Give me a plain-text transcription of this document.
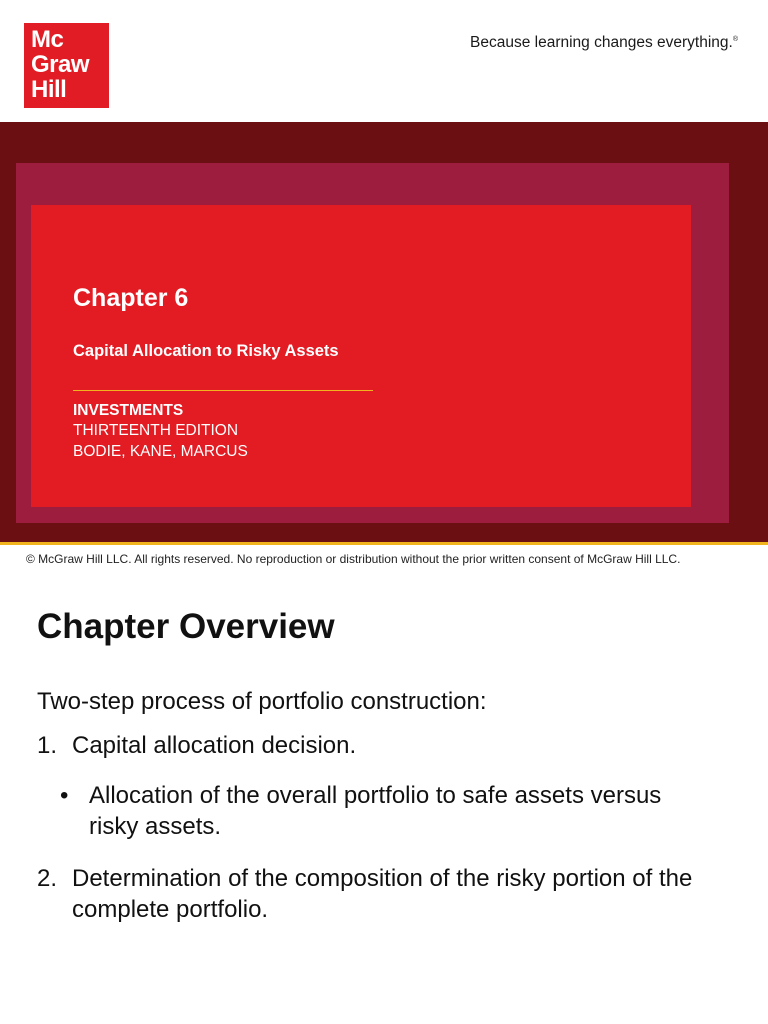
Mc
Graw
Hill
Because learning changes everything.®
Chapter 6
Capital Allocation to Risky Assets
INVESTMENTS
THIRTEENTH EDITION
BODIE, KANE, MARCUS
© McGraw Hill LLC. All rights reserved. No reproduction or distribution without the prior written consent of McGraw Hill LLC.
Chapter Overview
Two-step process of portfolio construction:
1. Capital allocation decision.
• Allocation of the overall portfolio to safe assets versus risky assets.
2. Determination of the composition of the risky portion of the complete portfolio.
